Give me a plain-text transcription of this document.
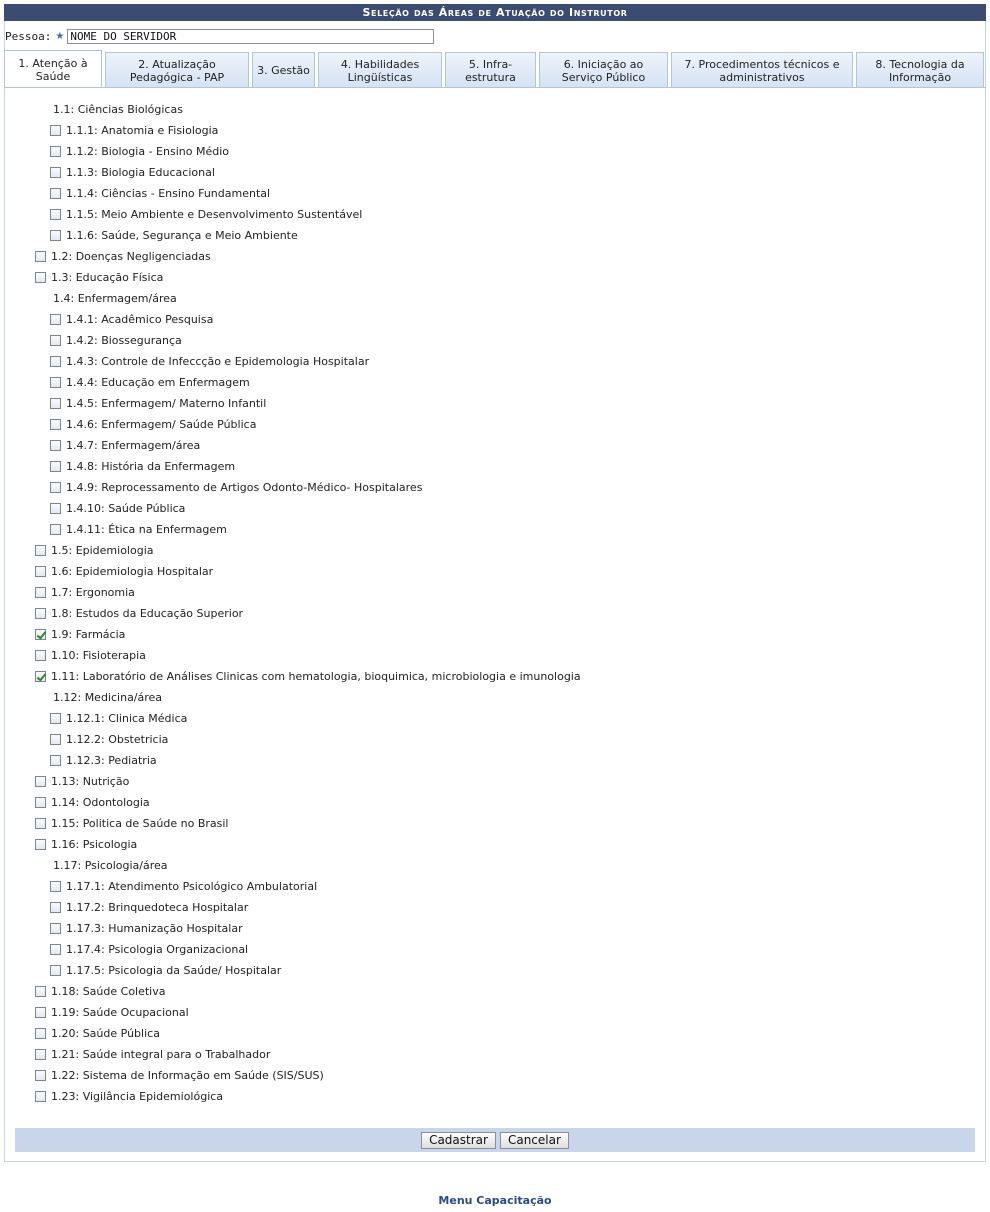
Seleção das Áreas de Atuação do Instrutor
Pessoa: ★
NOME DO SERVIDOR
1. Atenção à Saúde
2. Atualização Pedagógica - PAP	3. Gestão	4. Habilidades Lingüísticas
5. Infra-estrutura
6. Iniciação ao Serviço Público
7. Procedimentos técnicos e administrativos
8. Tecnologia da Informação
1.1: Ciências Biológicas
1.1.1: Anatomia e Fisiologia
1.1.2: Biologia - Ensino Médio
1.1.3: Biologia Educacional
1.1.4: Ciências - Ensino Fundamental
1.1.5: Meio Ambiente e Desenvolvimento Sustentável
1.1.6: Saúde, Segurança e Meio Ambiente
1.2: Doenças Negligenciadas
1.3: Educação Física
1.4: Enfermagem/área
1.4.1: Acadêmico Pesquisa
1.4.2: Biossegurança
1.4.3: Controle de Infeccção e Epidemologia Hospitalar
1.4.4: Educação em Enfermagem
1.4.5: Enfermagem/ Materno Infantil
1.4.6: Enfermagem/ Saúde Pública
1.4.7: Enfermagem/área
1.4.8: História da Enfermagem
1.4.9: Reprocessamento de Artigos Odonto-Médico- Hospitalares
1.4.10: Saúde Pública
1.4.11: Ética na Enfermagem
1.5: Epidemiologia
1.6: Epidemiologia Hospitalar
1.7: Ergonomia
1.8: Estudos da Educação Superior
1.9: Farmácia
1.10: Fisioterapia
1.11: Laboratório de Análises Clinicas com hematologia, bioquimica, microbiologia e imunologia
1.12: Medicina/área
1.12.1: Clinica Médica
1.12.2: Obstetricia
1.12.3: Pediatria
1.13: Nutrição
1.14: Odontologia
1.15: Politica de Saúde no Brasil
1.16: Psicologia
1.17: Psicologia/área
1.17.1: Atendimento Psicológico Ambulatorial
1.17.2: Brinquedoteca Hospitalar
1.17.3: Humanização Hospitalar
1.17.4: Psicologia Organizacional
1.17.5: Psicologia da Saúde/ Hospitalar
1.18: Saúde Coletiva
1.19: Saúde Ocupacional
1.20: Saúde Pública
1.21: Saúde integral para o Trabalhador
1.22: Sistema de Informação em Saúde (SIS/SUS)
1.23: Vigilância Epidemiológica
Cadastrar	Cancelar
Menu Capacitação
